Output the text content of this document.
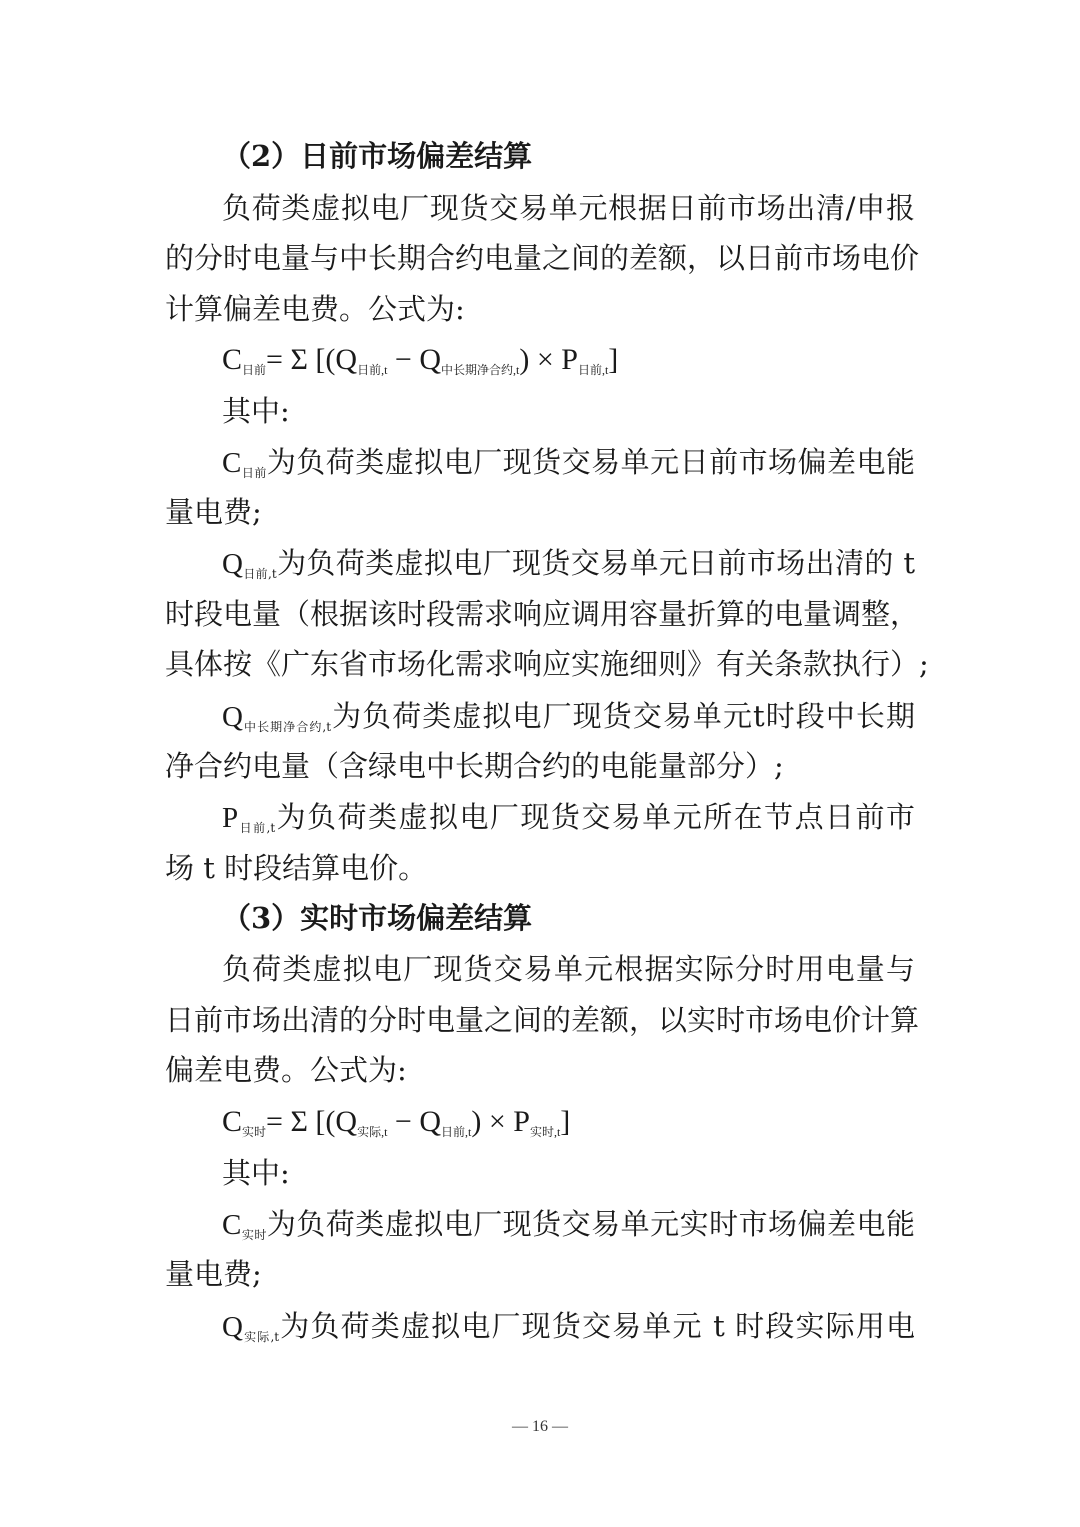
（2）日前市场偏差结算
负荷类虚拟电厂现货交易单元根据日前市场出清/申报
的分时电量与中长期合约电量之间的差额，以日前市场电价
计算偏差电费。公式为:
$C_{日前}= \Sigma$ $[(Q_{日前,t} - Q_{中长期净合约,t}) \times P_{日前,t}]$
其中:
$C_{日前}$为负荷类虚拟电厂现货交易单元日前市场偏差电能
量电费;
$Q_{日前,t}$为负荷类虚拟电厂现货交易单元日前市场出清的 t
时段电量（根据该时段需求响应调用容量折算的电量调整，
具体按《广东省市场化需求响应实施细则》有关条款执行）;
$Q_{中长期净合约,t}$为负荷类虚拟电厂现货交易单元t时段中长期
净合约电量（含绿电中长期合约的电能量部分）;
$P_{日前,t}$为负荷类虚拟电厂现货交易单元所在节点日前市
场 t 时段结算电价。
（3）实时市场偏差结算
负荷类虚拟电厂现货交易单元根据实际分时用电量与
日前市场出清的分时电量之间的差额，以实时市场电价计算
偏差电费。公式为:
$C_{实时}= \Sigma$ $[(Q_{实际,t} - Q_{日前,t}) \times P_{实时,t}]$
其中:
$C_{实时}$为负荷类虚拟电厂现货交易单元实时市场偏差电能
量电费;
$Q_{实际,t}$为负荷类虚拟电厂现货交易单元 t 时段实际用电
— 16 —
